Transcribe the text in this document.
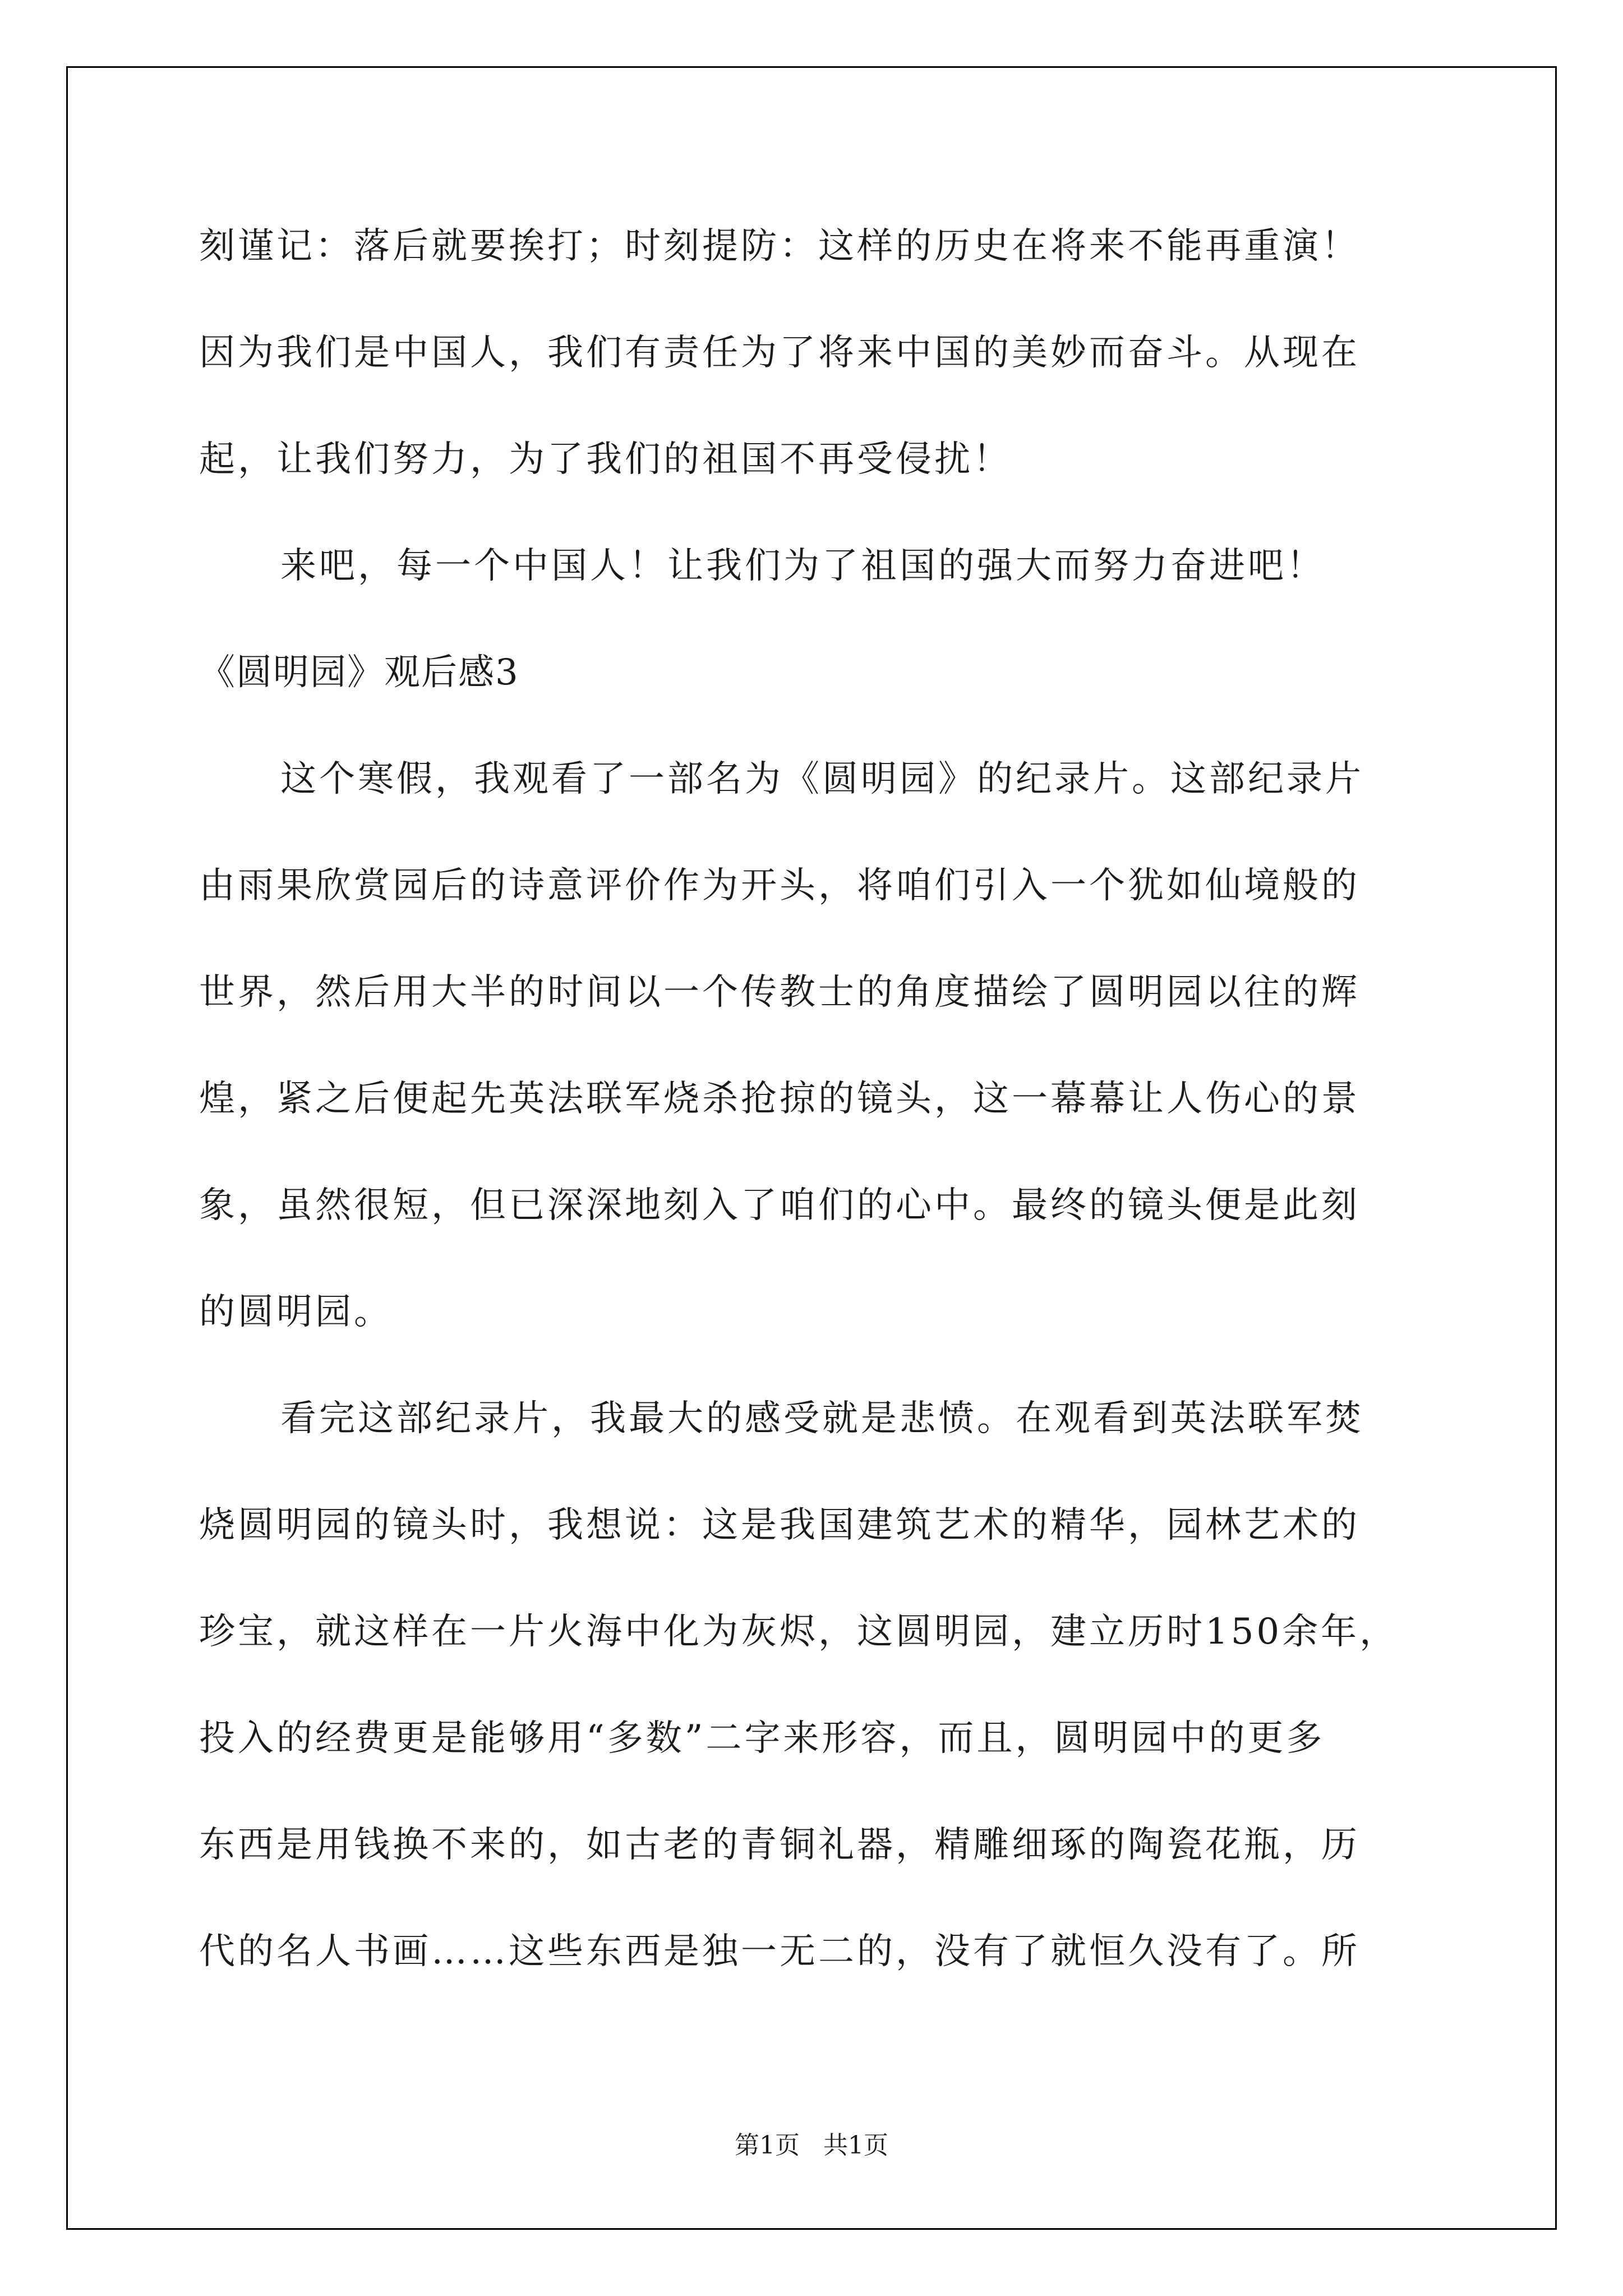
刻谨记：落后就要挨打；时刻提防：这样的历史在将来不能再重演！
因为我们是中国人，我们有责任为了将来中国的美妙而奋斗。从现在
起，让我们努力，为了我们的祖国不再受侵扰！
来吧，每一个中国人！让我们为了祖国的强大而努力奋进吧！
《圆明园》观后感3
这个寒假，我观看了一部名为《圆明园》的纪录片。这部纪录片
由雨果欣赏园后的诗意评价作为开头，将咱们引入一个犹如仙境般的
世界，然后用大半的时间以一个传教士的角度描绘了圆明园以往的辉
煌，紧之后便起先英法联军烧杀抢掠的镜头，这一幕幕让人伤心的景
象，虽然很短，但已深深地刻入了咱们的心中。最终的镜头便是此刻
的圆明园。
看完这部纪录片，我最大的感受就是悲愤。在观看到英法联军焚
烧圆明园的镜头时，我想说：这是我国建筑艺术的精华，园林艺术的
珍宝，就这样在一片火海中化为灰烬，这圆明园，建立历时150余年，
投入的经费更是能够用“多数”二字来形容，而且，圆明园中的更多
东西是用钱换不来的，如古老的青铜礼器，精雕细琢的陶瓷花瓶，历
代的名人书画……这些东西是独一无二的，没有了就恒久没有了。所
第1页   共1页
